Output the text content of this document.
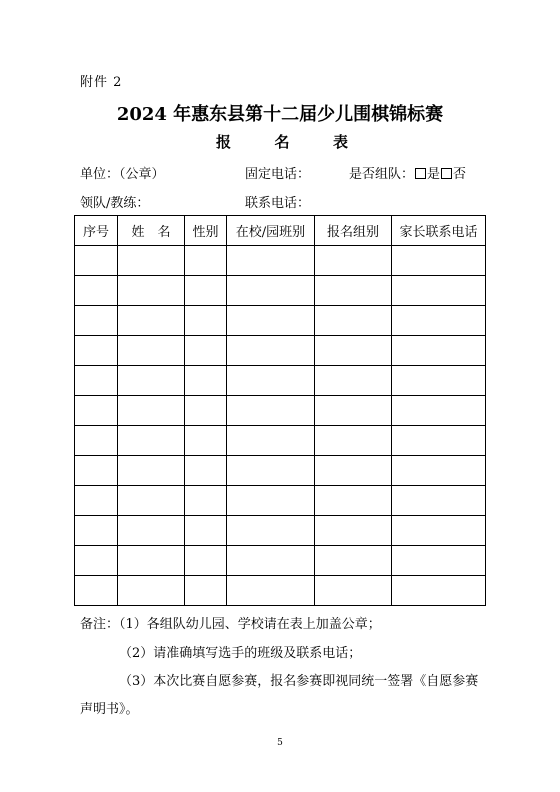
附件 2
2024 年惠东县第十二届少儿围棋锦标赛
报	名	表
单位：（公章）	固定电话：	是否组队： 是 否
领队/教练：	联系电话：
序号	姓　名	性别	在校/园班别	报名组别	家长联系电话

备注：（1）各组队幼儿园、学校请在表上加盖公章；
（2）请准确填写选手的班级及联系电话；
（3）本次比赛自愿参赛，报名参赛即视同统一签署《自愿参赛
声明书》。
5
